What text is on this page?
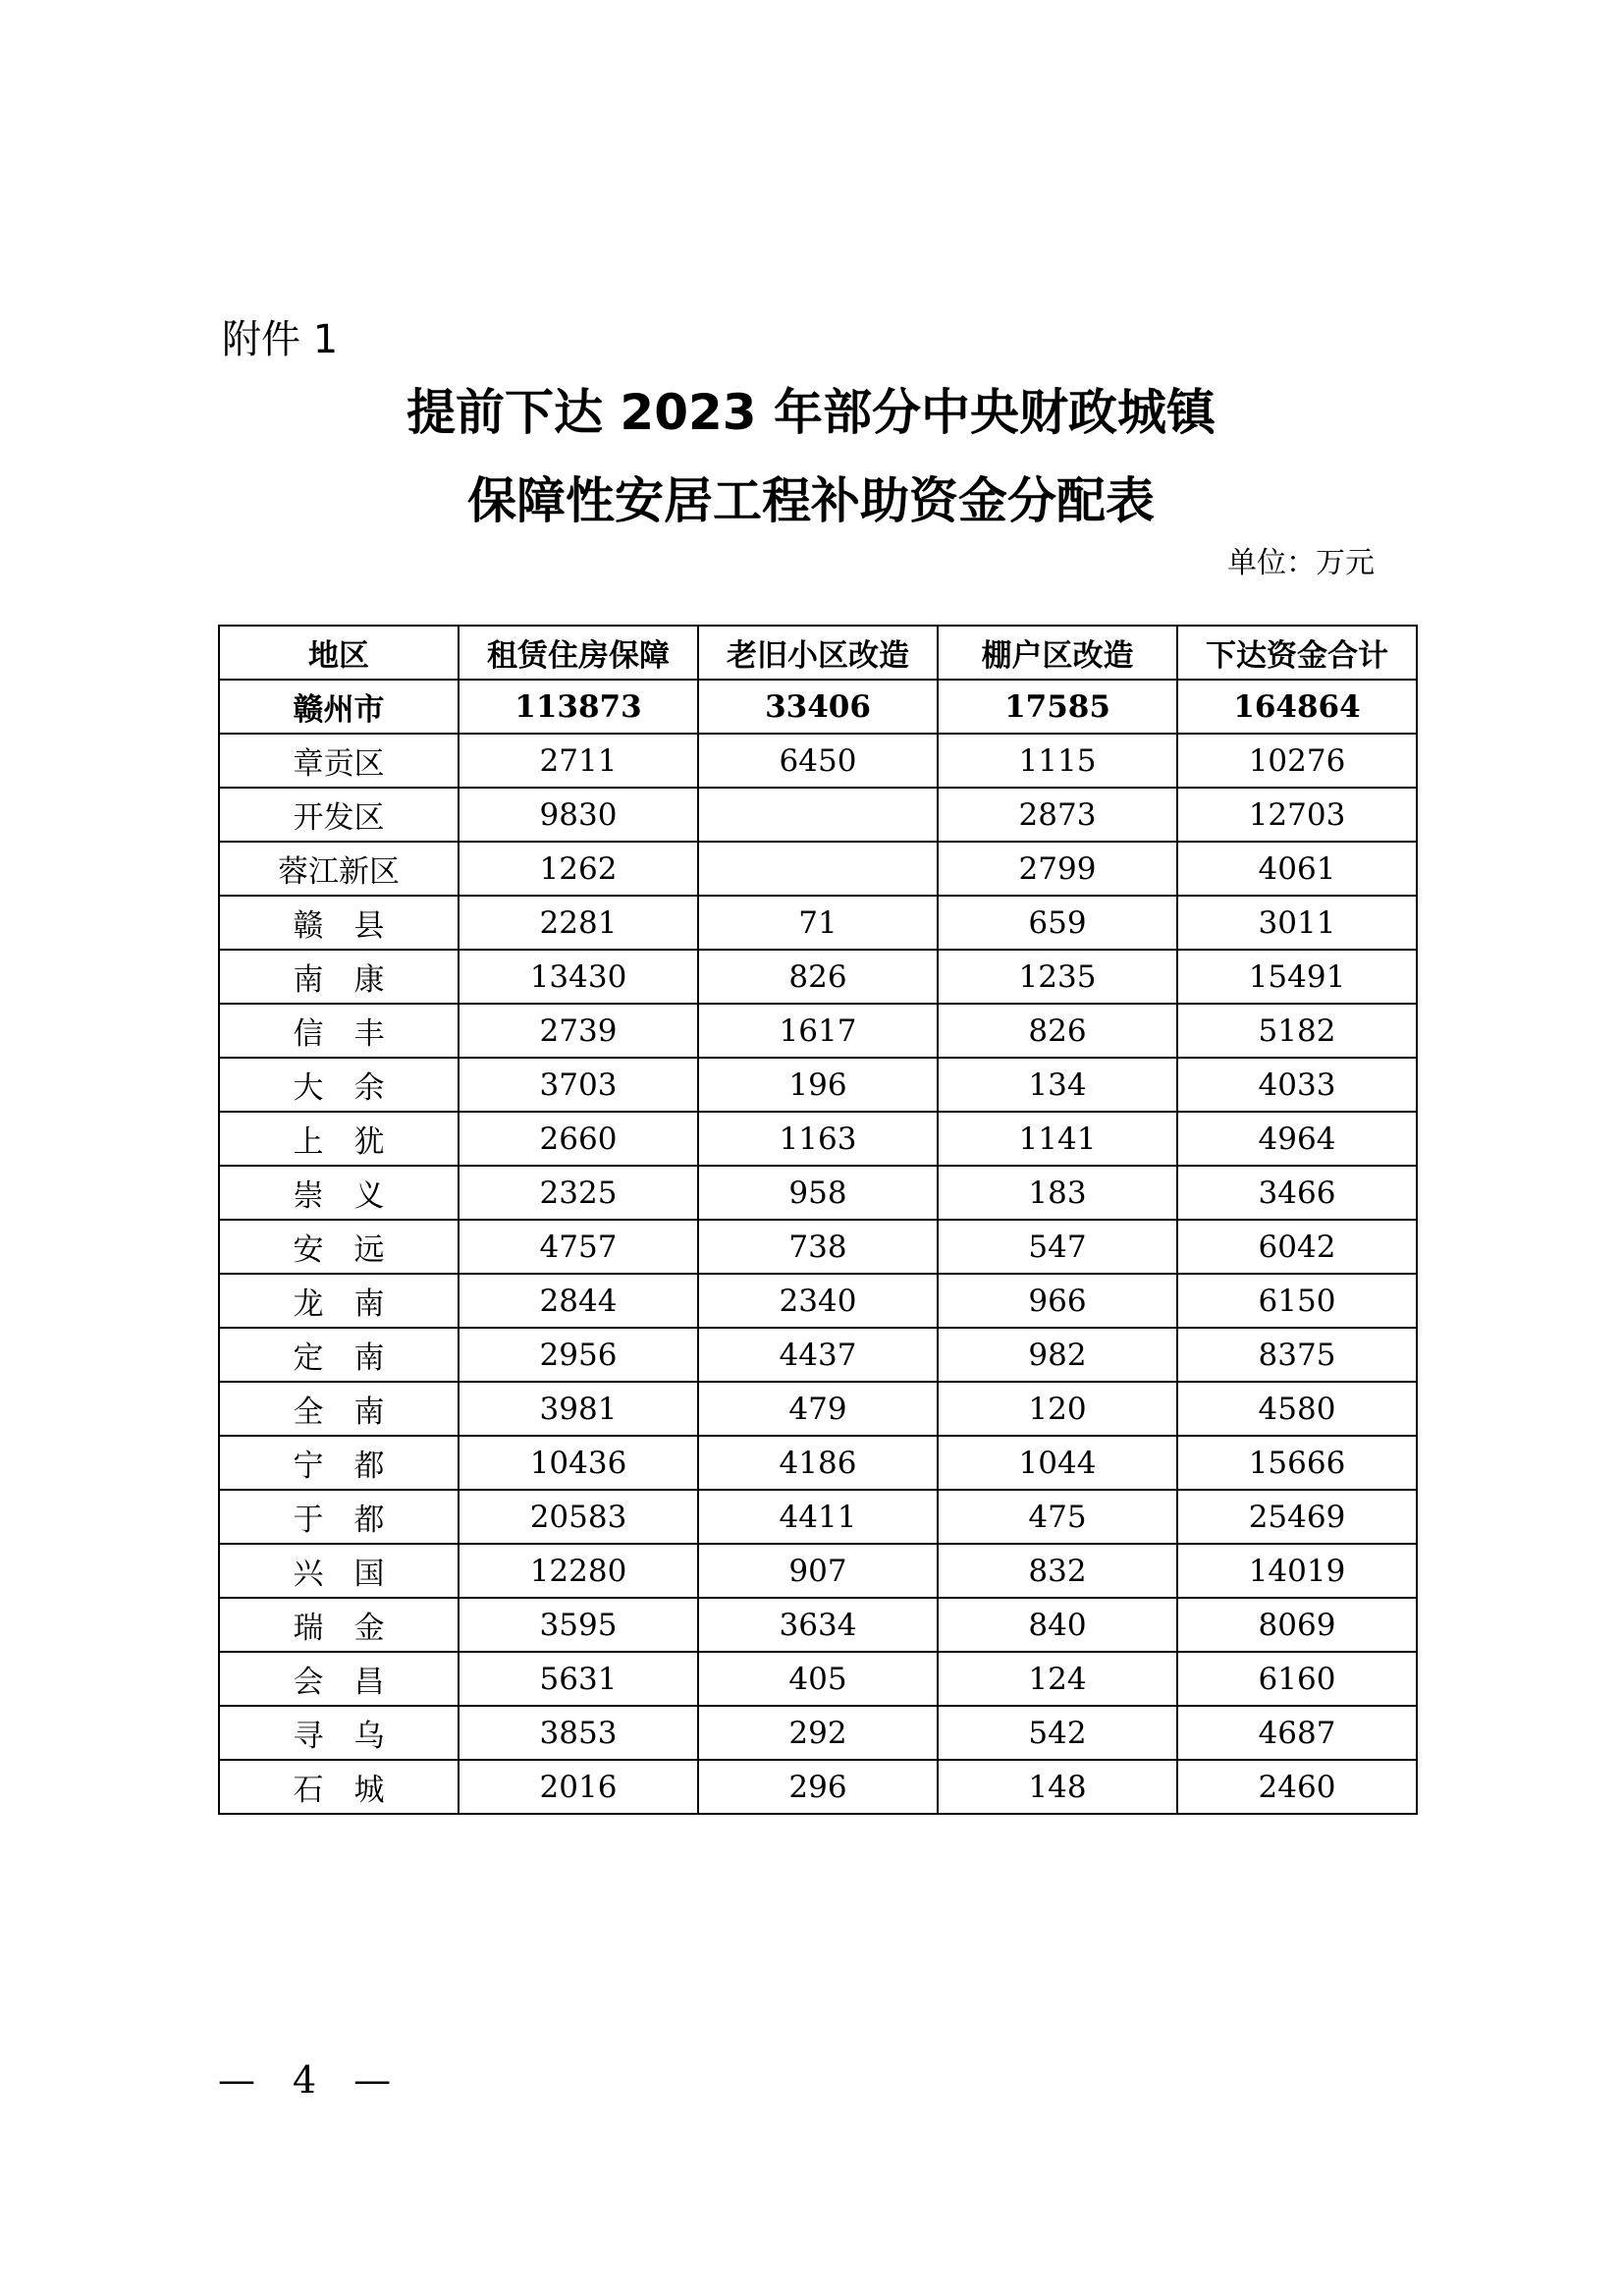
附件 1
提前下达 2023 年部分中央财政城镇
保障性安居工程补助资金分配表
单位：万元
地区	租赁住房保障	老旧小区改造	棚户区改造	下达资金合计
赣州市	113873	33406	17585	164864
章贡区	2711	6450	1115	10276
开发区	9830		2873	12703
蓉江新区	1262		2799	4061
赣　县	2281	71	659	3011
南　康	13430	826	1235	15491
信　丰	2739	1617	826	5182
大　余	3703	196	134	4033
上　犹	2660	1163	1141	4964
崇　义	2325	958	183	3466
安　远	4757	738	547	6042
龙　南	2844	2340	966	6150
定　南	2956	4437	982	8375
全　南	3981	479	120	4580
宁　都	10436	4186	1044	15666
于　都	20583	4411	475	25469
兴　国	12280	907	832	14019
瑞　金	3595	3634	840	8069
会　昌	5631	405	124	6160
寻　乌	3853	292	542	4687
石　城	2016	296	148	2460
—　4　—
